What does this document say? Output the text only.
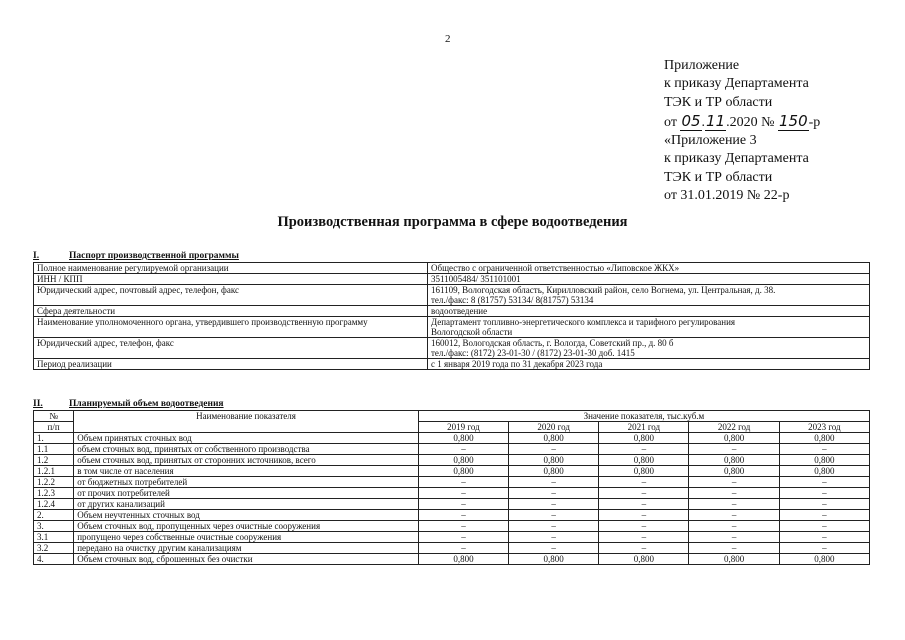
2
Приложение
к приказу Департамента
ТЭК и ТР области
от 05.11.2020 № 150-р
«Приложение 3
к приказу Департамента
ТЭК и ТР области
от 31.01.2019 № 22-р
Производственная программа в сфере водоотведения
I.	Паспорт производственной программы
Полное наименование регулируемой организации	Общество с ограниченной ответственностью «Липовское ЖКХ»

ИНН / КПП	3511005484/ 351101001

Юридический адрес, почтовый адрес, телефон, факс	161109, Вологодская область, Кирилловский район, село Вогнема, ул. Центральная, д. 38.
тел./факс: 8 (81757) 53134/ 8(81757) 53134

Сфера деятельности	водоотведение

Наименование уполномоченного органа, утвердившего производственную программу	Департамент топливно-энергетического комплекса и тарифного регулирования
Вологодской области

Юридический адрес, телефон, факс	160012, Вологодская область, г. Вологда, Советский пр., д. 80 б
тел./факс: (8172) 23-01-30 / (8172) 23-01-30 доб. 1415

Период реализации	с 1 января 2019 года по 31 декабря 2023 года
II.	Планируемый объем водоотведения
№	Наименование показателя	Значение показателя, тыс.куб.м				
п/п		2019 год	2020 год	2021 год	2022 год	2023 год
1.	Объем принятых сточных вод	0,800	0,800	0,800	0,800	0,800
1.1	объем сточных вод, принятых от собственного производства	–	–	–	–	–
1.2	объем сточных вод, принятых от сторонних источников, всего	0,800	0,800	0,800	0,800	0,800
1.2.1	в том числе от населения	0,800	0,800	0,800	0,800	0,800
1.2.2	от бюджетных потребителей	–	–	–	–	–
1.2.3	от прочих потребителей	–	–	–	–	–
1.2.4	от других канализаций	–	–	–	–	–
2.	Объем неучтенных сточных вод	–	–	–	–	–
3.	Объем сточных вод, пропущенных через очистные сооружения	–	–	–	–	–
3.1	пропущено через собственные очистные сооружения	–	–	–	–	–
3.2	передано на очистку другим канализациям	–	–	–	–	–
4.	Объем сточных вод, сброшенных без очистки	0,800	0,800	0,800	0,800	0,800
